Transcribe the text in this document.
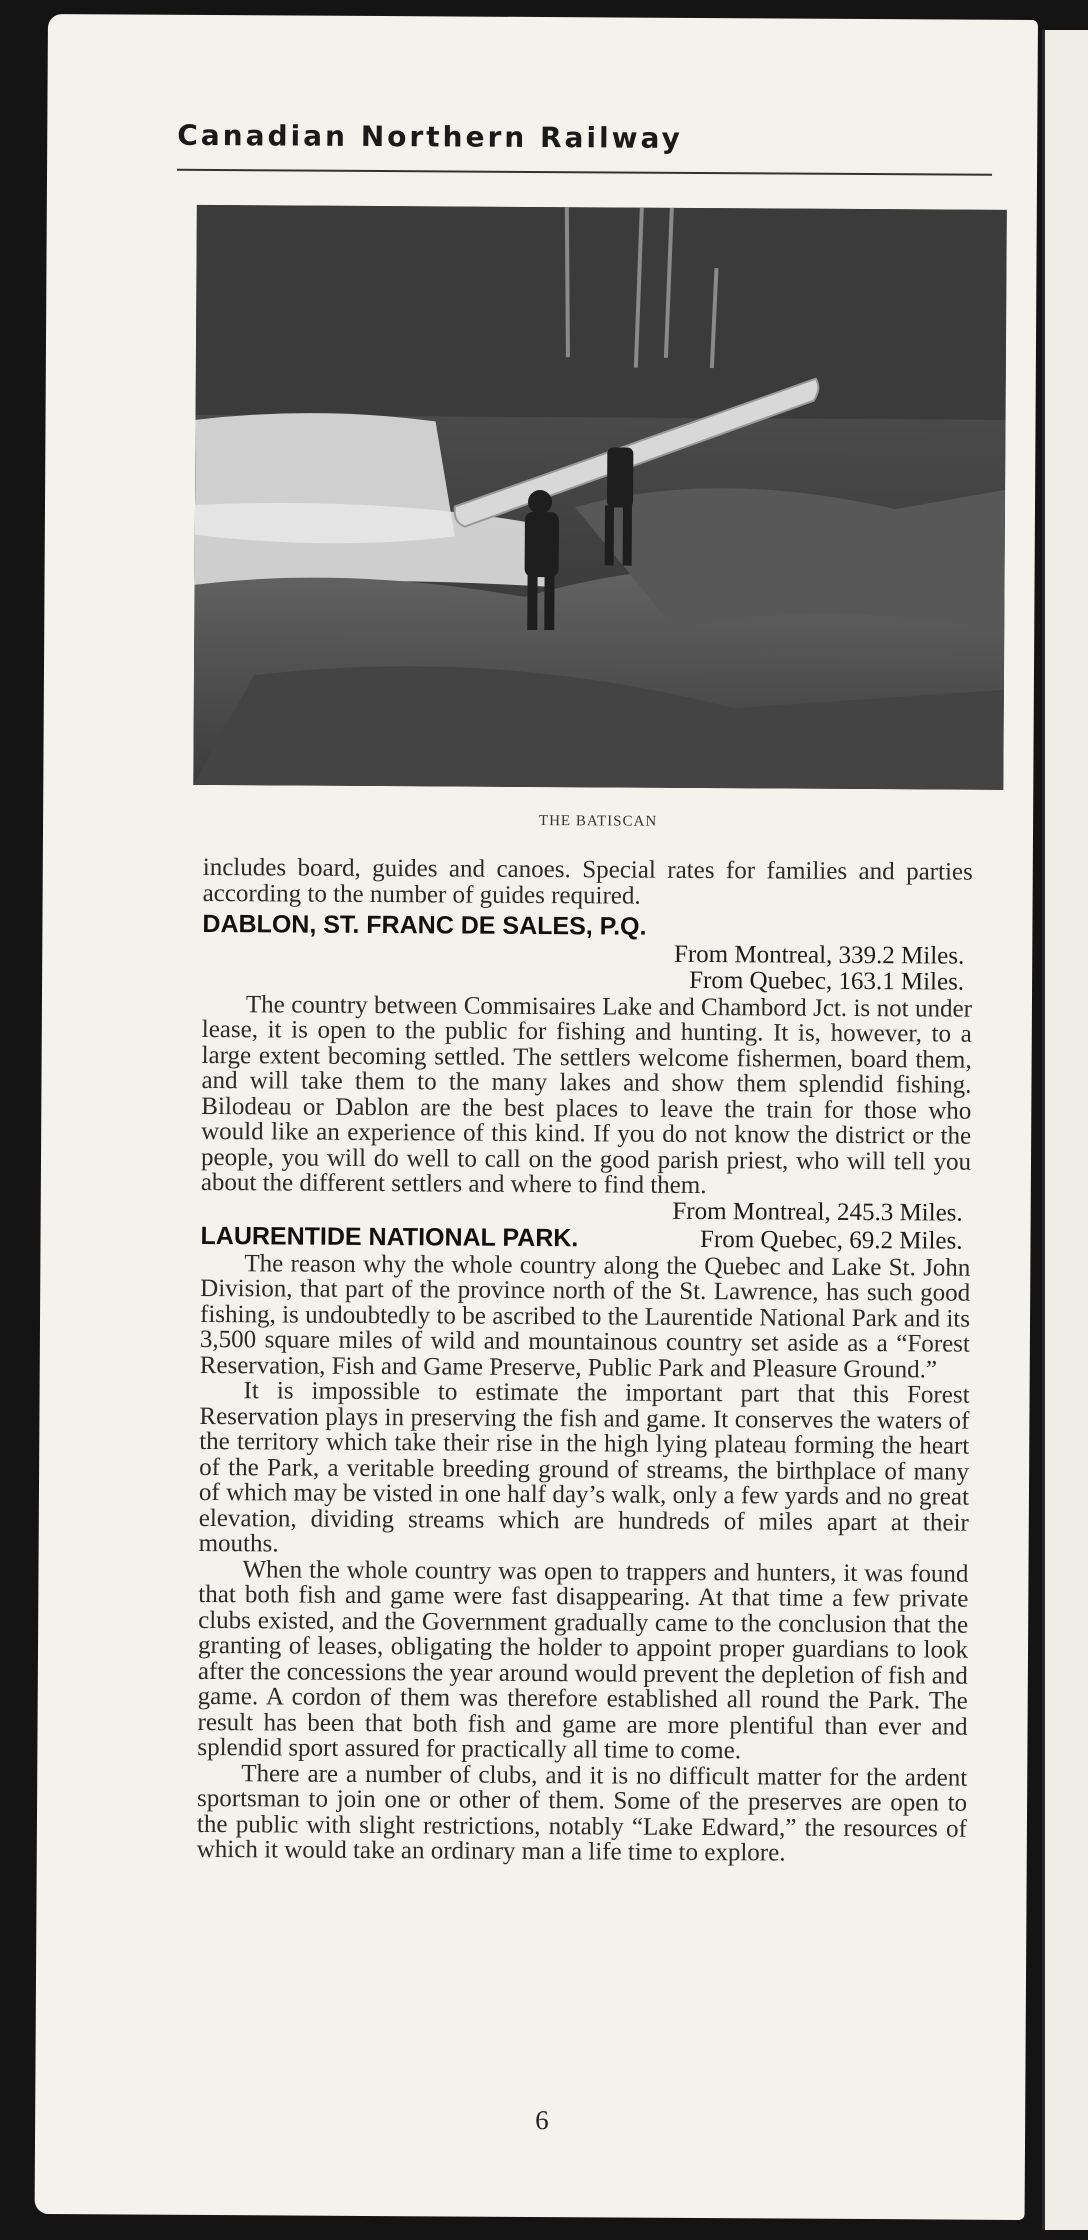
Canadian Northern Railway
THE BATISCAN

includes board, guides and canoes. Special rates for families and parties according to the number of guides required.

DABLON, ST. FRANC DE SALES, P.Q.

From Montreal, 339.2 Miles.

From Quebec, 163.1 Miles.

The country between Commisaires Lake and Chambord Jct. is not under lease, it is open to the public for fishing and hunting. It is, however, to a large extent becoming settled. The settlers welcome fishermen, board them, and will take them to the many lakes and show them splendid fishing. Bilodeau or Dablon are the best places to leave the train for those who would like an experience of this kind. If you do not know the district or the people, you will do well to call on the good parish priest, who will tell you about the different settlers and where to find them.

From Montreal, 245.3 Miles.

LAURENTIDE NATIONAL PARK.	From Quebec, 69.2 Miles.

The reason why the whole country along the Quebec and Lake St. John Division, that part of the province north of the St. Lawrence, has such good fishing, is undoubtedly to be ascribed to the Laurentide National Park and its 3,500 square miles of wild and mountainous country set aside as a “Forest Reservation, Fish and Game Preserve, Public Park and Pleasure Ground.”

It is impossible to estimate the important part that this Forest Reservation plays in preserving the fish and game. It conserves the waters of the territory which take their rise in the high lying plateau forming the heart of the Park, a veritable breeding ground of streams, the birthplace of many of which may be visted in one half day’s walk, only a few yards and no great elevation, dividing streams which are hundreds of miles apart at their mouths.

When the whole country was open to trappers and hunters, it was found that both fish and game were fast disappearing. At that time a few private clubs existed, and the Government gradually came to the conclusion that the granting of leases, obligating the holder to appoint proper guardians to look after the concessions the year around would prevent the depletion of fish and game. A cordon of them was therefore established all round the Park. The result has been that both fish and game are more plentiful than ever and splendid sport assured for practically all time to come.

There are a number of clubs, and it is no difficult matter for the ardent sportsman to join one or other of them. Some of the preserves are open to the public with slight restrictions, notably “Lake Edward,” the resources of which it would take an ordinary man a life time to explore.

6
